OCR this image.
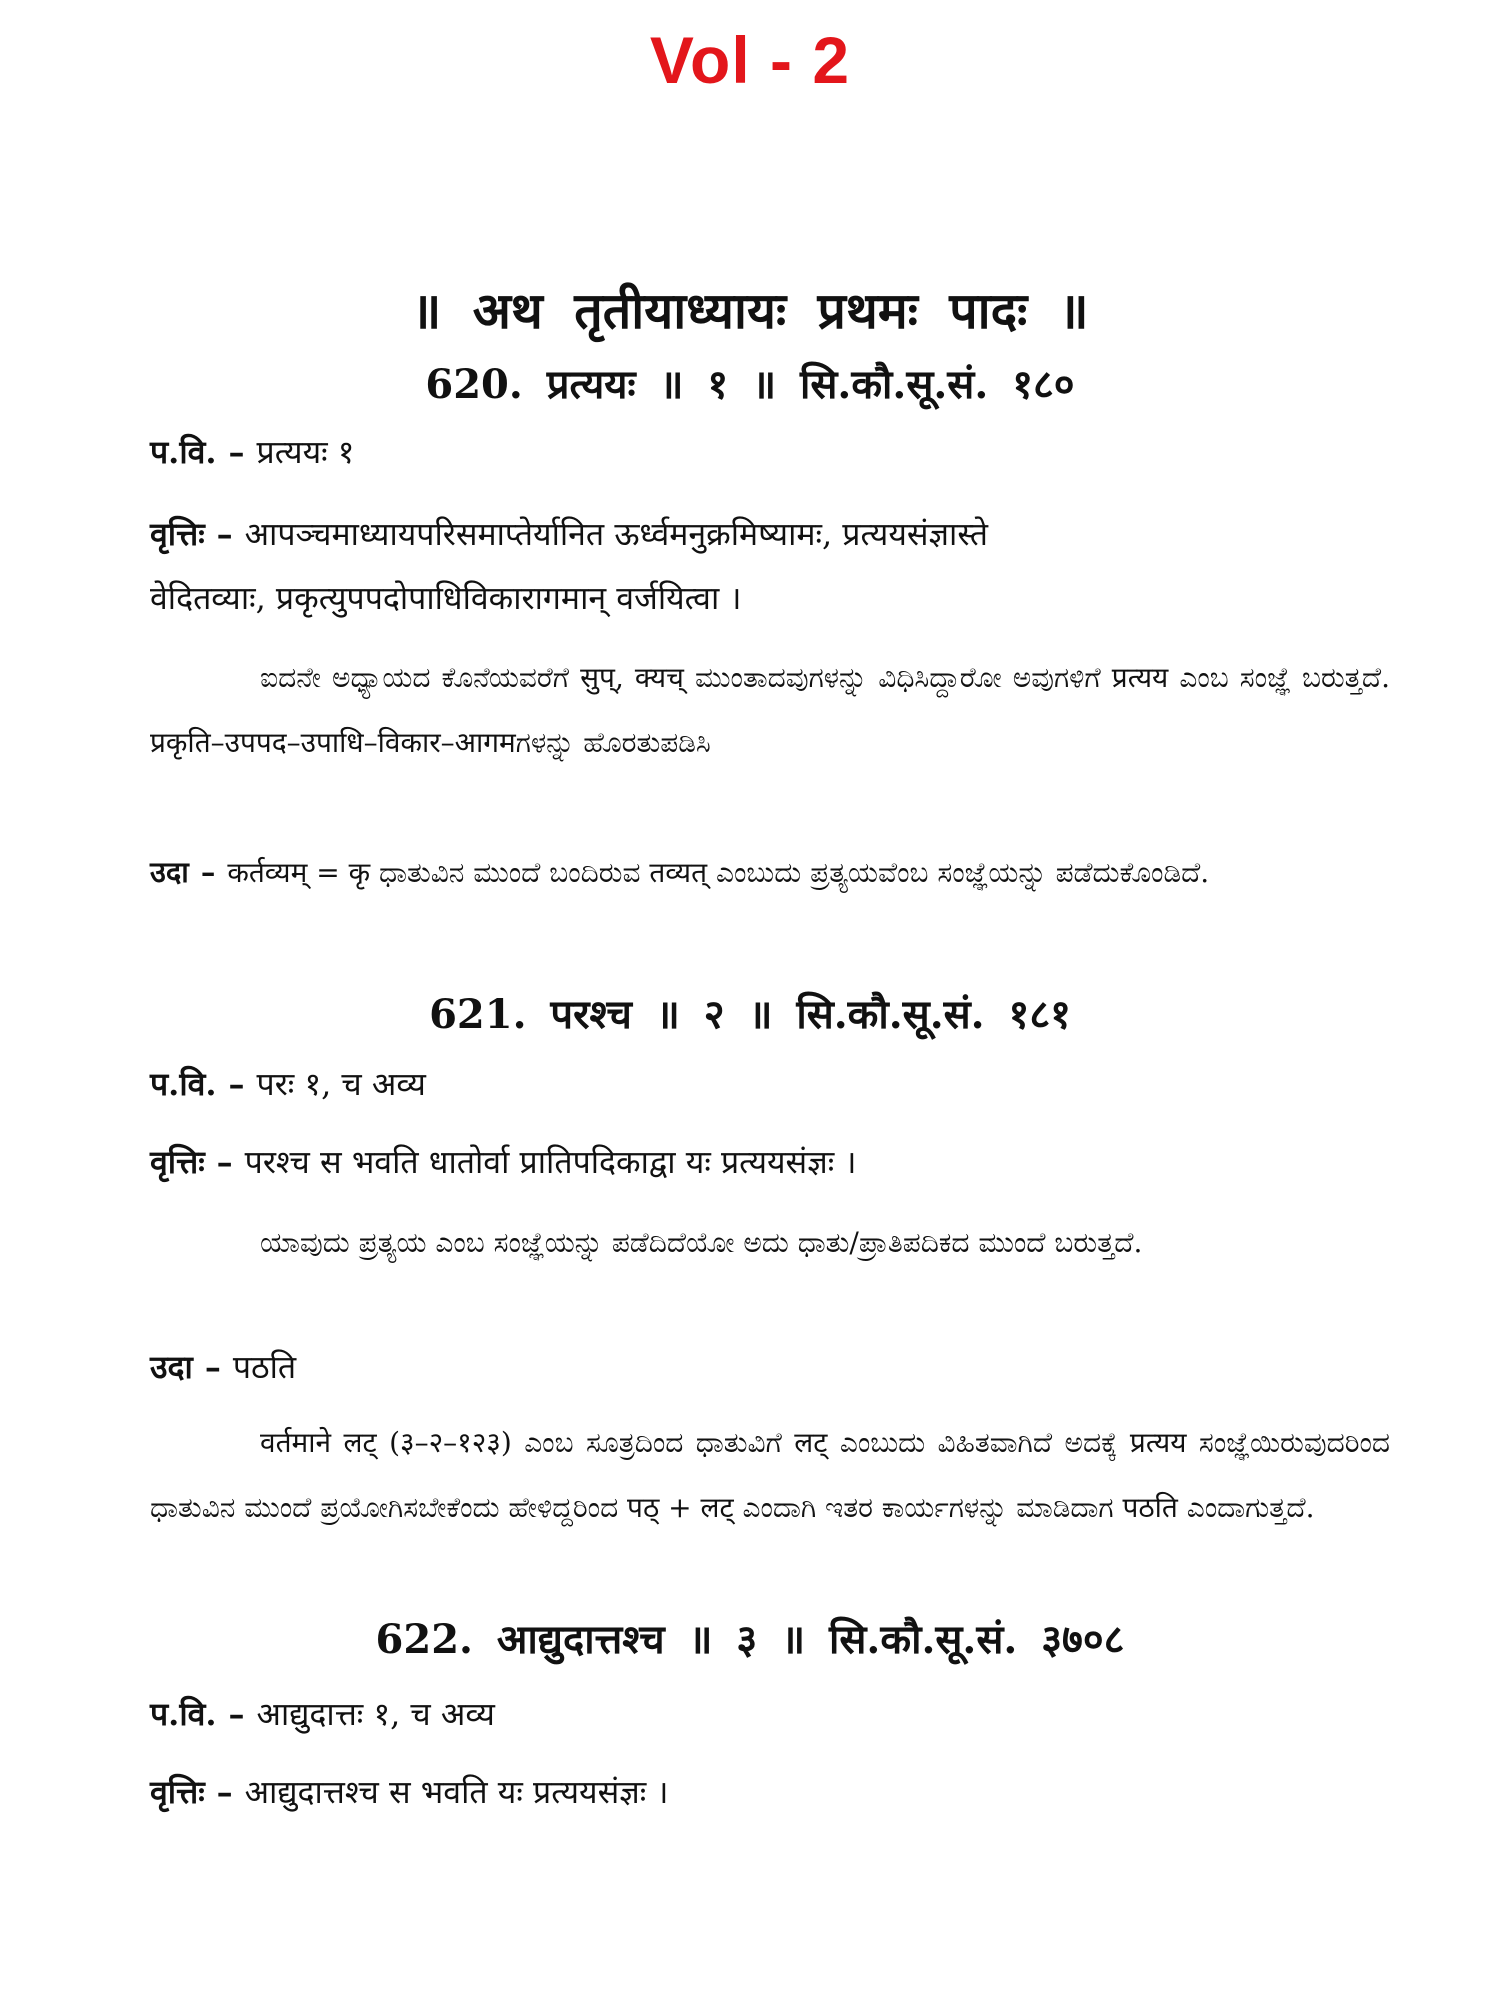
Vol - 2
॥ अथ तृतीयाध्यायः प्रथमः पादः ॥
620. प्रत्ययः ॥ १ ॥ सि.कौ.सू.सं. १८०
प.वि. – प्रत्ययः १
वृत्तिः – आपञ्चमाध्यायपरिसमाप्तेर्यानित ऊर्ध्वमनुक्रमिष्यामः, प्रत्ययसंज्ञास्ते
वेदितव्याः, प्रकृत्युपपदोपाधिविकारागमान् वर्जयित्वा ।
ಐದನೇ ಅಧ್ಯಾಯದ ಕೊನೆಯವರೆಗೆ सुप्, क्यच् ಮುಂತಾದವುಗಳನ್ನು ವಿಧಿಸಿದ್ದಾರೋ ಅವುಗಳಿಗೆ प्रत्यय ಎಂಬ ಸಂಜ್ಞೆ ಬರುತ್ತದೆ. प्रकृति–उपपद–उपाधि–विकार–आगमಗಳನ್ನು ಹೊರತುಪಡಿಸಿ
उदा – कर्तव्यम् = कृ ಧಾತುವಿನ ಮುಂದೆ ಬಂದಿರುವ तव्यत् ಎಂಬುದು ಪ್ರತ್ಯಯವೆಂಬ ಸಂಜ್ಞೆಯನ್ನು ಪಡೆದುಕೊಂಡಿದೆ.
621. परश्च ॥ २ ॥ सि.कौ.सू.सं. १८१
प.वि. – परः १, च अव्य
वृत्तिः – परश्च स भवति धातोर्वा प्रातिपदिकाद्वा यः प्रत्ययसंज्ञः ।
ಯಾವುದು ಪ್ರತ್ಯಯ ಎಂಬ ಸಂಜ್ಞೆಯನ್ನು ಪಡೆದಿದೆಯೋ ಅದು ಧಾತು/ಪ್ರಾತಿಪದಿಕದ ಮುಂದೆ ಬರುತ್ತದೆ.
उदा – पठति
वर्तमाने लट् (३–२–१२३) ಎಂಬ ಸೂತ್ರದಿಂದ ಧಾತುವಿಗೆ लट् ಎಂಬುದು ವಿಹಿತವಾಗಿದೆ ಅದಕ್ಕೆ प्रत्यय ಸಂಜ್ಞೆಯಿರುವುದರಿಂದ ಧಾತುವಿನ ಮುಂದೆ ಪ್ರಯೋಗಿಸಬೇಕೆಂದು ಹೇಳಿದ್ದರಿಂದ पठ् + लट् ಎಂದಾಗಿ ಇತರ ಕಾರ್ಯಗಳನ್ನು ಮಾಡಿದಾಗ पठति ಎಂದಾಗುತ್ತದೆ.
622. आद्युदात्तश्च ॥ ३ ॥ सि.कौ.सू.सं. ३७०८
प.वि. – आद्युदात्तः १, च अव्य
वृत्तिः – आद्युदात्तश्च स भवति यः प्रत्ययसंज्ञः ।
